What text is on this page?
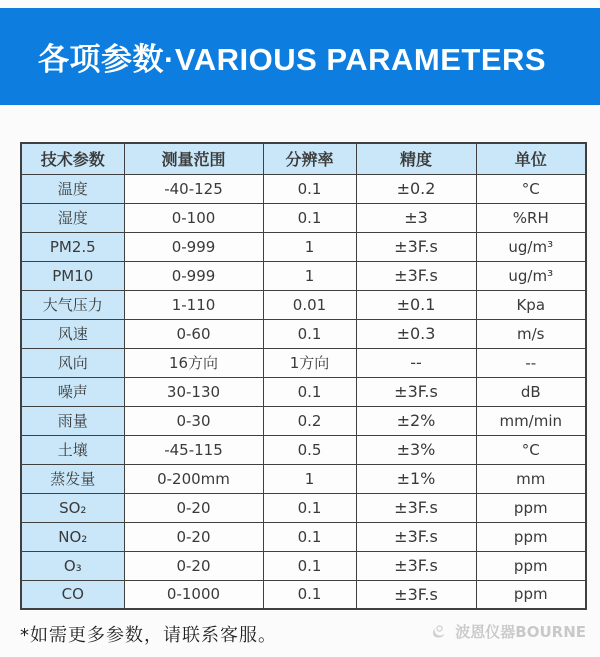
各项参数·VARIOUS PARAMETERS
技术参数	测量范围	分辨率	精度	单位
温度	-40-125	0.1	±0.2	°C
湿度	0-100	0.1	±3	%RH
PM2.5	0-999	1	±3F.s	ug/m³
PM10	0-999	1	±3F.s	ug/m³
大气压力	1-110	0.01	±0.1	Kpa
风速	0-60	0.1	±0.3	m/s
风向	16方向	1方向	--	--
噪声	30-130	0.1	±3F.s	dB
雨量	0-30	0.2	±2%	mm/min
土壤	-45-115	0.5	±3%	°C
蒸发量	0-200mm	1	±1%	mm
SO₂	0-20	0.1	±3F.s	ppm
NO₂	0-20	0.1	±3F.s	ppm
O₃	0-20	0.1	±3F.s	ppm
CO	0-1000	0.1	±3F.s	ppm
*如需更多参数，请联系客服。	波恩仪器BOURNE
